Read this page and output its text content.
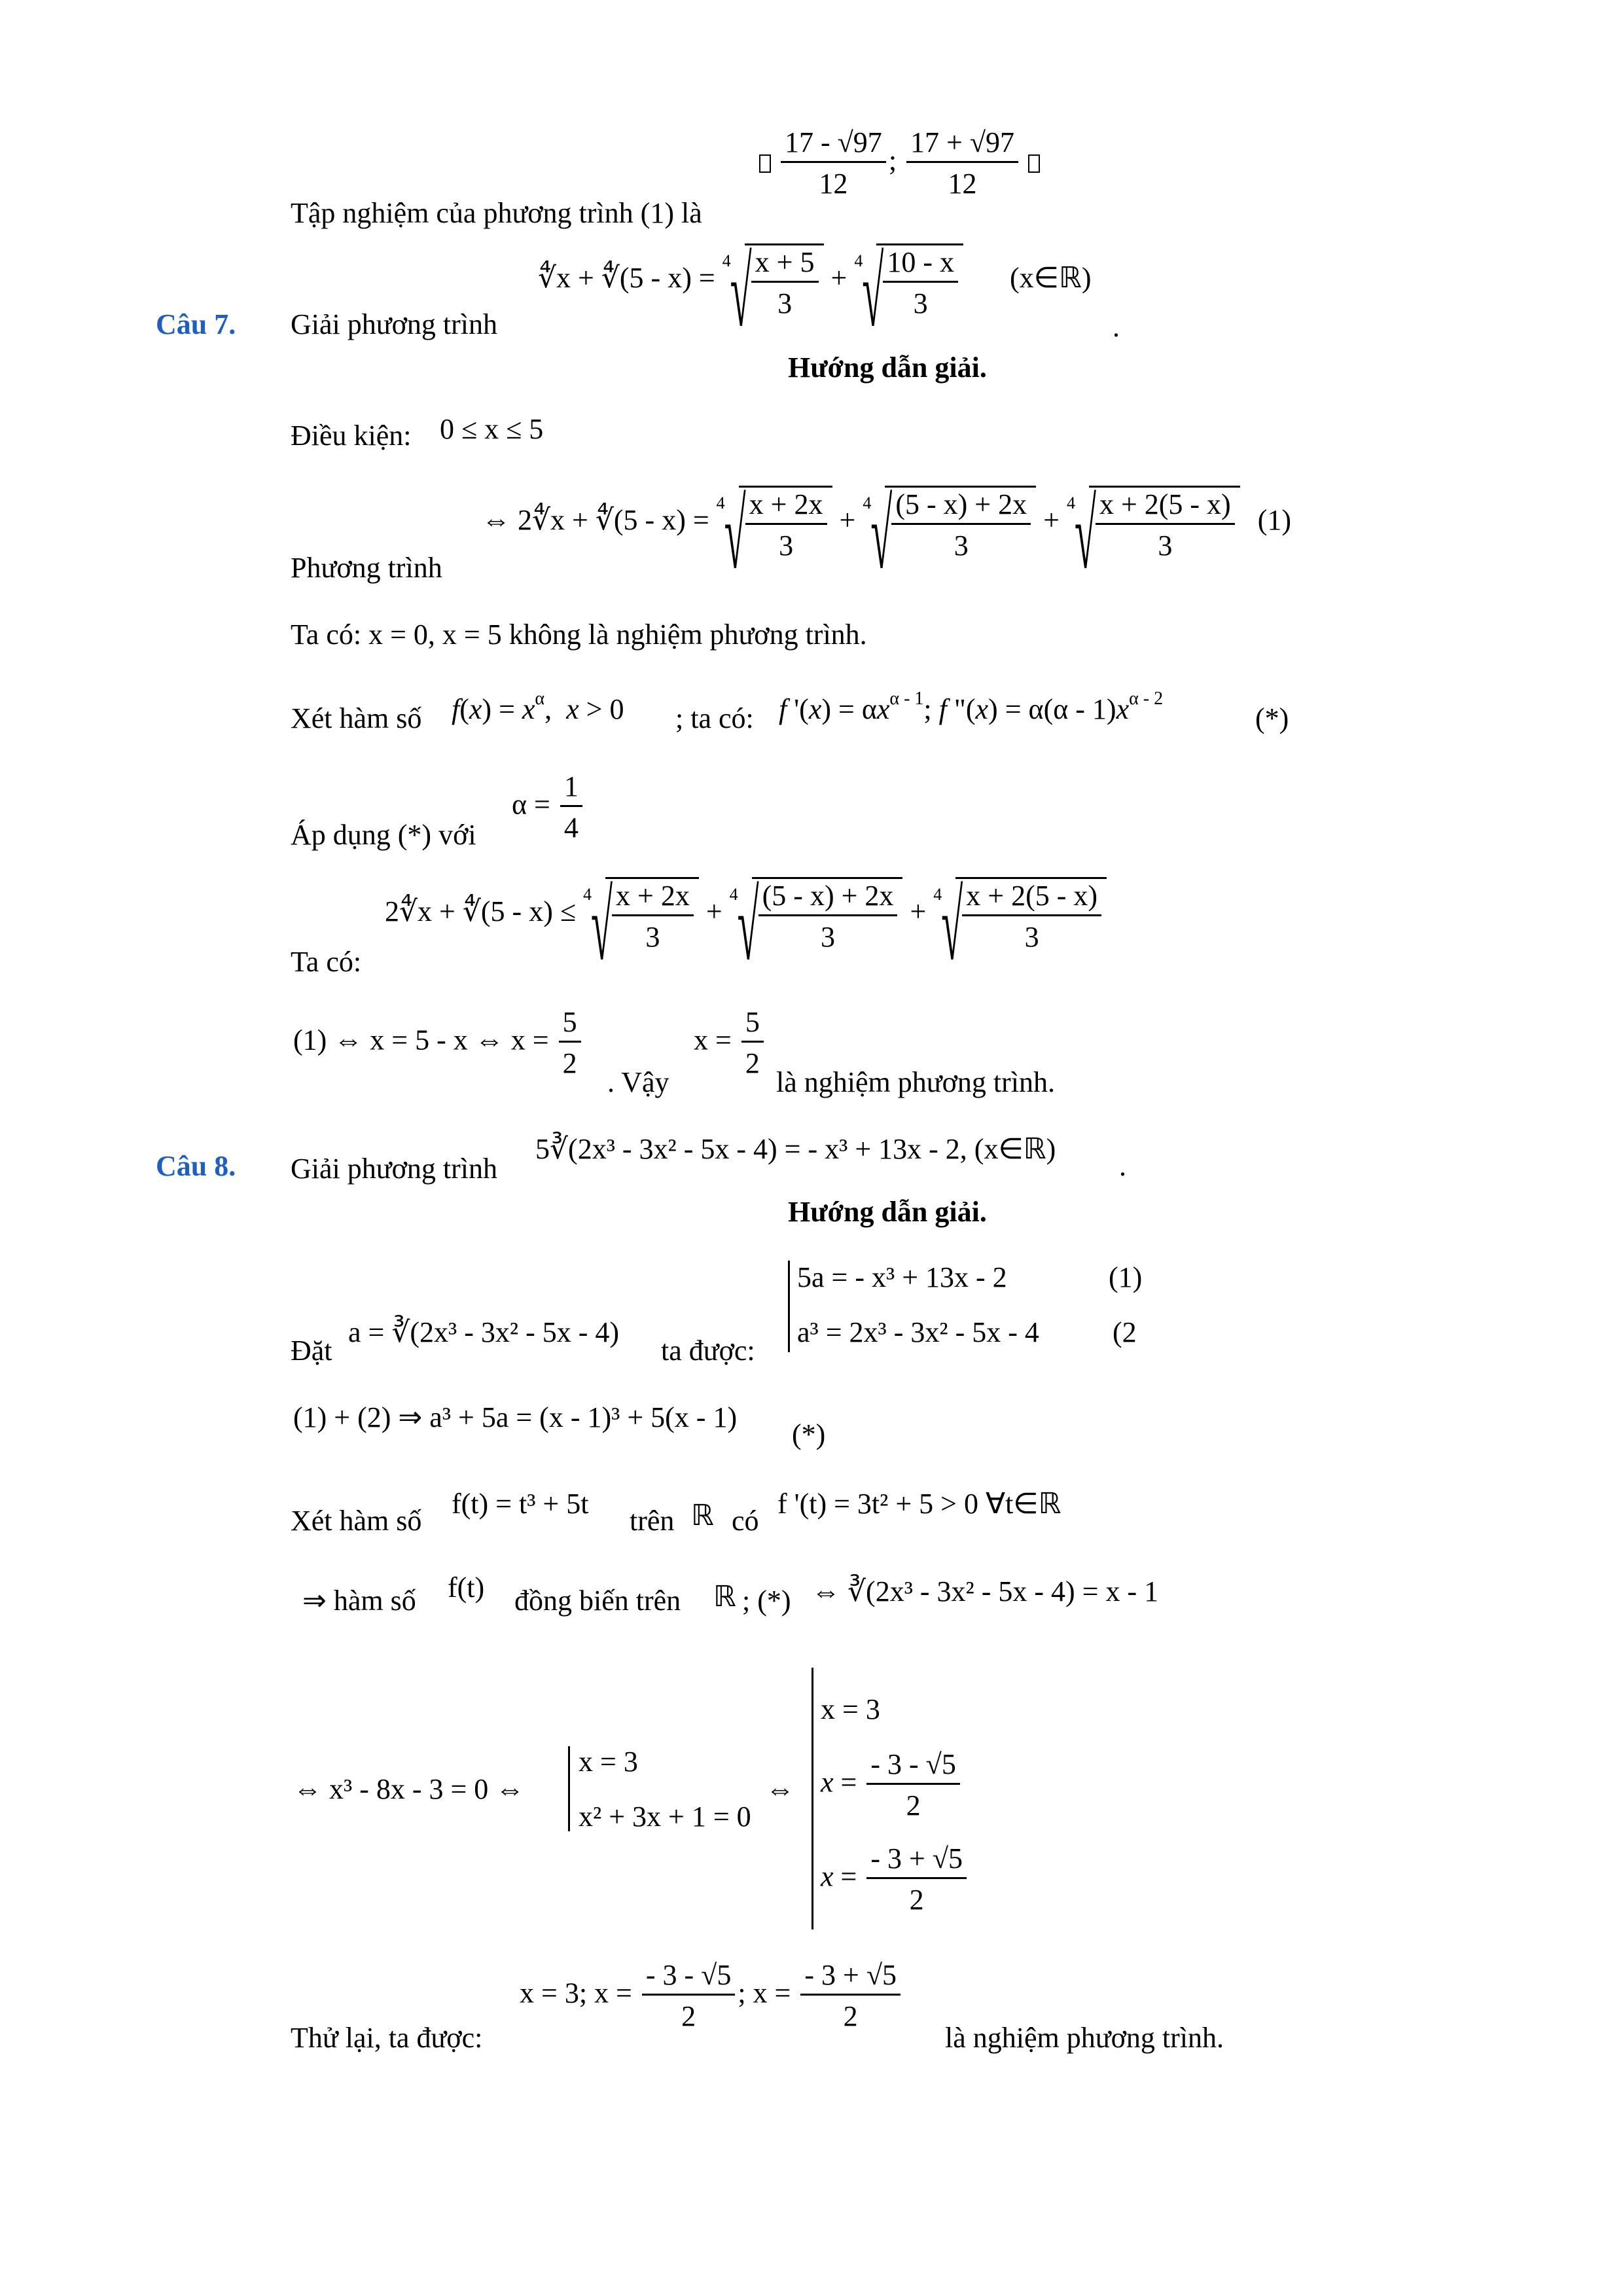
$\frac{17 - √97}{12}$ ; $\frac{17 + √97}{12}$

Tập nghiệm của phương trình (1) là
Câu 7. Giải phương trình
∜x + ∜(5 - x) =
4 √ $\frac{x + 5}{3}$ +
4 √ $\frac{10 - x}{3}$ (x∈ℝ)
.
Hướng dẫn giải.
Điều kiện: 0 ≤ x ≤ 5
⇔ 2∜x + ∜(5 - x) =
4 √ $\frac{x + 2x}{3}$ +
4 √ $\frac{(5 - x) + 2x}{3}$ +
4 √ $\frac{x + 2(5 - x)}{3} (1)$
Phương trình
Ta có: x = 0, x = 5 không là nghiệm phương trình.
Xét hàm số $f(x) = x^\alpha$,  x > 0 ; ta có: f '$(x) = \alpha x^{\alpha - 1}$; f "$(x) = \alpha(\alpha - 1)x^{\alpha - 2}$
(*)
$\alpha = \frac{1}{4}$
Áp dụng (*) với
2∜x + ∜(5 - x) ≤
4 √ $\frac{x + 2x}{3}$ +
4 √ $\frac{(5 - x) + 2x}{3}$ +
4 √ $\frac{x + 2(5 - x)}{3}$
Ta có:
(1) ⇔ x = 5 - x ⇔ $x = \frac{5}{2}$
. Vậy
$x = \frac{5}{2}$
là nghiệm phương trình.
Câu 8. Giải phương trình
5∛(2x³ - 3x² - 5x - 4) = - x³ + 13x - 2, (x∈ℝ)
.
Hướng dẫn giải.
5a = - x³ + 13x - 2	(1)
a³ = 2x³ - 3x² - 5x - 4	(2
Đặt
a = ∛(2x³ - 3x² - 5x - 4)
ta được:
(1) + (2) ⇒ a³ + 5a = (x - 1)³ + 5(x - 1)
(*)
Xét hàm số
f(t) = t³ + 5t
trên ℝ có
f '(t) = 3t² + 5 > 0 ∀t∈ℝ
⇒ hàm số f(t) đồng biến trên ℝ ; (*) ⇔ ∛(2x³ - 3x² - 5x - 4) = x - 1
⇔ x³ - 8x - 3 = 0 ⇔
x = 3
x² + 3x + 1 = 0
⇔
x = 3
$x = \frac{- 3 - √5}{2}$
$x = \frac{- 3 + √5}{2}$
Thử lại, ta được:
x = 3; $x = \frac{- 3 - √5}{2}$ ; $x = \frac{- 3 + √5}{2}$
là nghiệm phương trình.
